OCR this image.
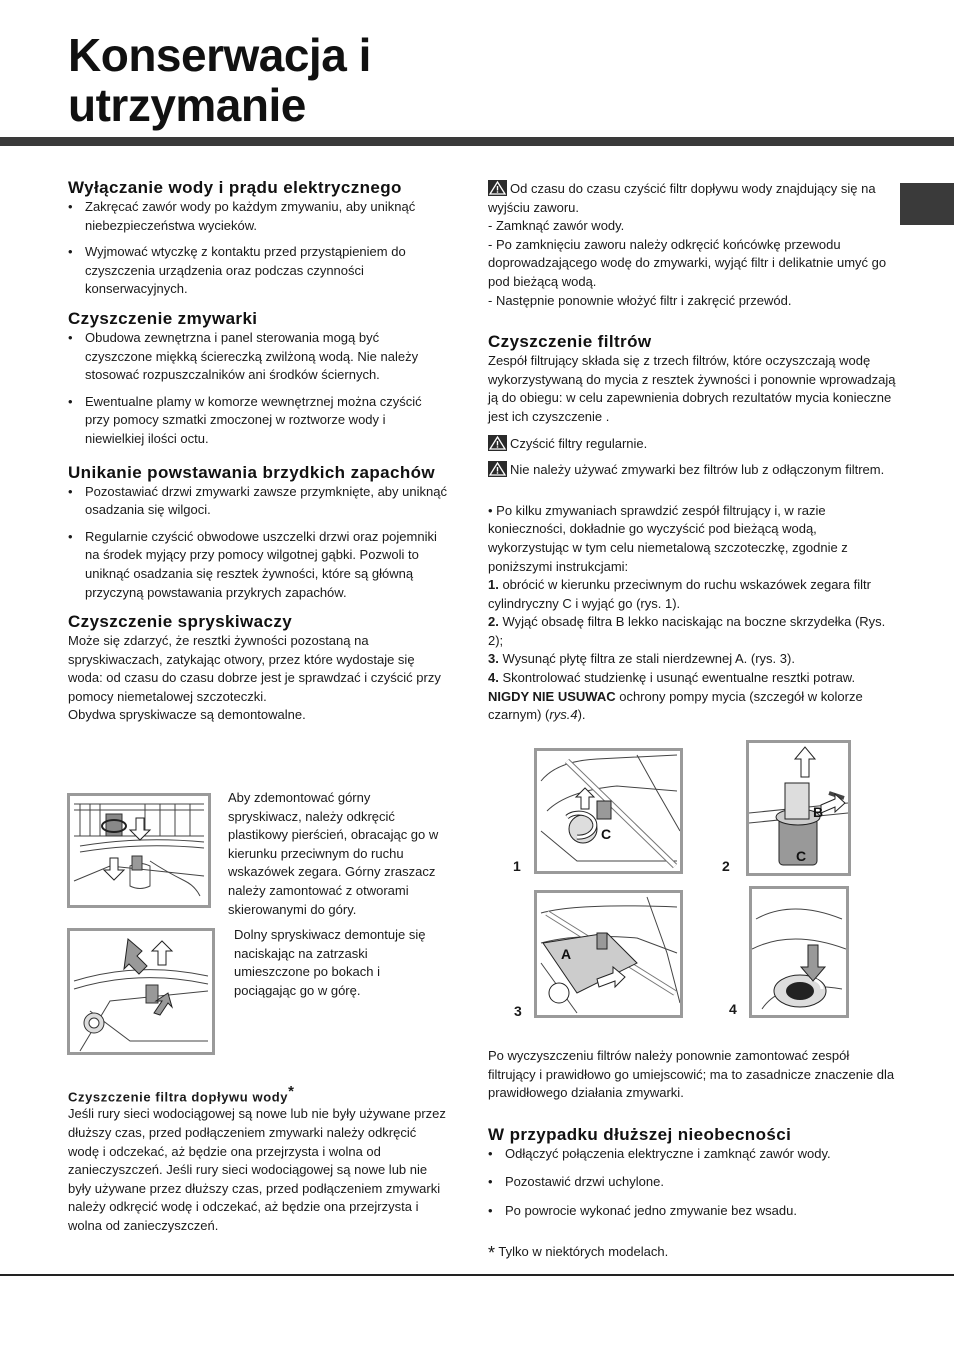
Konserwacja i
utrzymanie
Wyłączanie wody i prądu elektrycznego
• Zakręcać zawór wody po każdym zmywaniu, aby uniknąć niebezpieczeństwa wycieków.
• Wyjmować wtyczkę z kontaktu przed przystąpieniem do czyszczenia urządzenia oraz podczas czynności konserwacyjnych.
Czyszczenie zmywarki
• Obudowa zewnętrzna i panel sterowania mogą być czyszczone miękką ściereczką zwilżoną wodą. Nie należy stosować rozpuszczalników ani środków ściernych.
• Ewentualne plamy w komorze wewnętrznej można czyścić przy pomocy szmatki zmoczonej w roztworze wody i niewielkiej ilości octu.
Unikanie powstawania brzydkich zapachów
• Pozostawiać drzwi zmywarki zawsze przymknięte, aby uniknąć osadzania się wilgoci.
• Regularnie czyścić obwodowe uszczelki drzwi oraz pojemniki na środek myjący przy pomocy wilgotnej gąbki. Pozwoli to uniknąć osadzania się resztek żywności, które są główną przyczyną powstawania przykrych zapachów.
Czyszczenie spryskiwaczy
Może się zdarzyć, że resztki żywności pozostaną na spryskiwaczach, zatykając otwory, przez które wydostaje się woda: od czasu do czasu dobrze jest je sprawdzać i czyścić przy pomocy niemetalowej szczoteczki.
Obydwa spryskiwacze są demontowalne.
Aby zdemontować górny spryskiwacz, należy odkręcić plastikowy pierścień, obracając go w kierunku przeciwnym do ruchu wskazówek zegara. Górny zraszacz należy zamontować z otworami skierowanymi do góry.
Dolny spryskiwacz demontuje się naciskając na zatrzaski umieszczone po bokach i pociągając go w górę.
Czyszczenie filtra dopływu wody*
Jeśli rury sieci wodociągowej są nowe lub nie były używane przez dłuższy czas, przed podłączeniem zmywarki należy odkręcić wodę i odczekać, aż będzie ona przejrzysta i wolna od zanieczyszczeń. Jeśli rury sieci wodociągowej są nowe lub nie były używane przez dłuższy czas, przed podłączeniem zmywarki należy odkręcić wodę i odczekać, aż będzie ona przejrzysta i wolna od zanieczyszczeń.
Od czasu do czasu czyścić filtr dopływu wody znajdujący się na wyjściu zaworu.
- Zamknąć zawór wody.
- Po zamknięciu zaworu należy odkręcić końcówkę przewodu doprowadzającego wodę do zmywarki, wyjąć filtr i delikatnie umyć go pod bieżącą wodą.
- Następnie ponownie włożyć filtr i zakręcić przewód.
Czyszczenie filtrów
Zespół filtrujący składa się z trzech filtrów, które oczyszczają wodę wykorzystywaną do mycia z resztek żywności i ponownie wprowadzają ją do obiegu: w celu zapewnienia dobrych rezultatów mycia konieczne jest ich czyszczenie .
Czyścić filtry regularnie.
Nie należy używać zmywarki bez filtrów lub z odłączonym filtrem.
• Po kilku zmywaniach sprawdzić zespół filtrujący i, w razie konieczności, dokładnie go wyczyścić pod bieżącą wodą, wykorzystując w tym celu niemetalową szczoteczkę, zgodnie z poniższymi instrukcjami:
1. obrócić w kierunku przeciwnym do ruchu wskazówek zegara filtr cylindryczny C i wyjąć go (rys. 1).
2. Wyjąć obsadę filtra B lekko naciskając na boczne skrzydełka (Rys. 2);
3. Wysunąć płytę filtra ze stali nierdzewnej A. (rys. 3).
4. Skontrolować studzienkę i usunąć ewentualne resztki potraw.
NIGDY NIE USUWAC ochrony pompy mycia (szczegół w kolorze czarnym) (rys.4).
C
1
B
C
2
A
3	4
Po wyczyszczeniu filtrów należy ponownie zamontować zespół filtrujący i prawidłowo go umiejscowić; ma to zasadnicze znaczenie dla prawidłowego działania zmywarki.
W przypadku dłuższej nieobecności
• Odłączyć połączenia elektryczne i zamknąć zawór wody.
• Pozostawić drzwi uchylone.
• Po powrocie wykonać jedno zmywanie bez wsadu.
* Tylko w niektórych modelach.
